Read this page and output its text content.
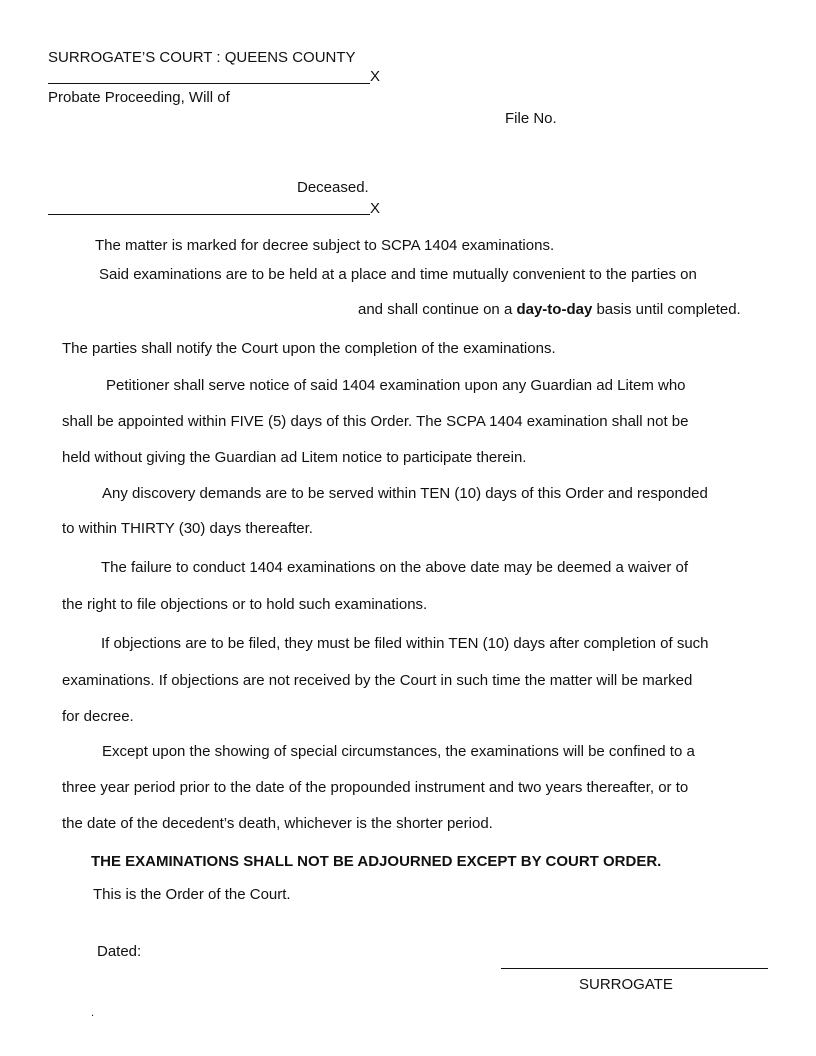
SURROGATE’S COURT : QUEENS COUNTY
X
Probate Proceeding, Will of
File No.
Deceased.
X
The matter is marked for decree subject to SCPA 1404 examinations.
Said examinations are to be held at a place and time mutually convenient to the parties on
and shall continue on a day-to-day basis until completed.
The parties shall notify the Court upon the completion of the examinations.
Petitioner shall serve notice of said 1404 examination upon any Guardian ad Litem who
shall be appointed within FIVE (5) days of this Order. The SCPA 1404 examination shall not be
held without giving the Guardian ad Litem notice to participate therein.
Any discovery demands are to be served within TEN (10) days of this Order and responded
to within THIRTY (30) days thereafter.
The failure to conduct 1404 examinations on the above date may be deemed a waiver of
the right to file objections or to hold such examinations.
If objections are to be filed, they must be filed within TEN (10) days after completion of such
examinations. If objections are not received by the Court in such time the matter will be marked
for decree.
Except upon the showing of special circumstances, the examinations will be confined to a
three year period prior to the date of the propounded instrument and two years thereafter, or to
the date of the decedent’s death, whichever is the shorter period.
THE EXAMINATIONS SHALL NOT BE ADJOURNED EXCEPT BY COURT ORDER.
This is the Order of the Court.
Dated:
SURROGATE
.
